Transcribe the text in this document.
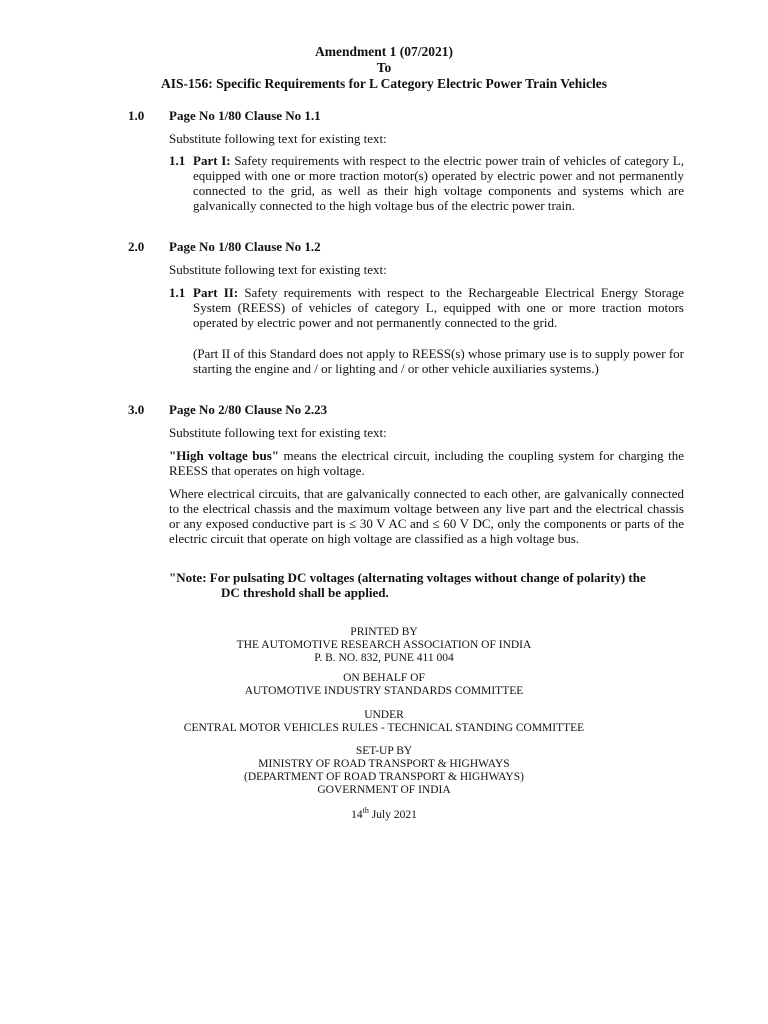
Amendment 1 (07/2021)
To
AIS-156: Specific Requirements for L Category Electric Power Train Vehicles
1.0 Page No 1/80 Clause No 1.1
Substitute following text for existing text:
1.1 Part I: Safety requirements with respect to the electric power train of vehicles of category L, equipped with one or more traction motor(s) operated by electric power and not permanently connected to the grid, as well as their high voltage components and systems which are galvanically connected to the high voltage bus of the electric power train.
2.0 Page No 1/80 Clause No 1.2
Substitute following text for existing text:
1.1 Part II: Safety requirements with respect to the Rechargeable Electrical Energy Storage System (REESS) of vehicles of category L, equipped with one or more traction motors operated by electric power and not permanently connected to the grid.
(Part II of this Standard does not apply to REESS(s) whose primary use is to supply power for starting the engine and / or lighting and / or other vehicle auxiliaries systems.)
3.0 Page No 2/80 Clause No 2.23
Substitute following text for existing text:
"High voltage bus" means the electrical circuit, including the coupling system for charging the REESS that operates on high voltage.
Where electrical circuits, that are galvanically connected to each other, are galvanically connected to the electrical chassis and the maximum voltage between any live part and the electrical chassis or any exposed conductive part is ≤ 30 V AC and ≤ 60 V DC, only the components or parts of the electric circuit that operate on high voltage are classified as a high voltage bus.
"Note: For pulsating DC voltages (alternating voltages without change of polarity) the
DC threshold shall be applied.
PRINTED BY
THE AUTOMOTIVE RESEARCH ASSOCIATION OF INDIA
P. B. NO. 832, PUNE 411 004
ON BEHALF OF
AUTOMOTIVE INDUSTRY STANDARDS COMMITTEE
UNDER
CENTRAL MOTOR VEHICLES RULES - TECHNICAL STANDING COMMITTEE
SET-UP BY
MINISTRY OF ROAD TRANSPORT & HIGHWAYS
(DEPARTMENT OF ROAD TRANSPORT & HIGHWAYS)
GOVERNMENT OF INDIA
14th July 2021
